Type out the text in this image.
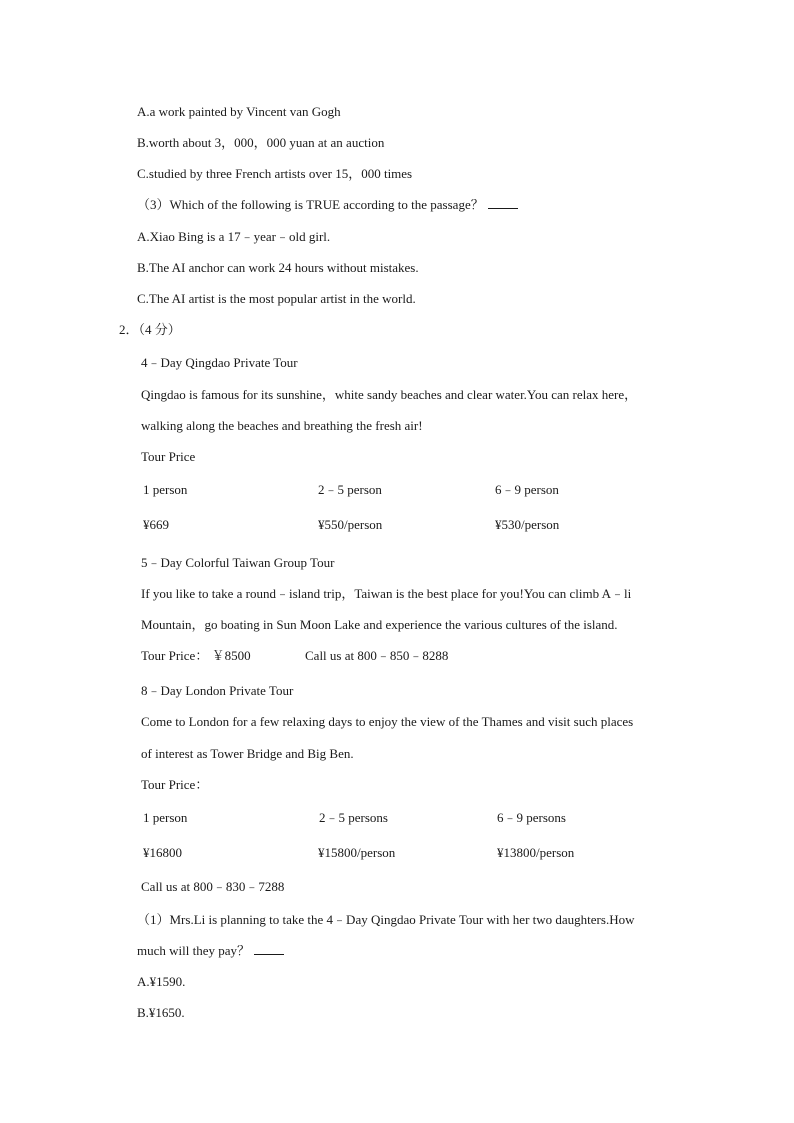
A.a work painted by Vincent van Gogh
B.worth about 3，000，000 yuan at an auction
C.studied by three French artists over 15，000 times
（3）Which of the following is TRUE according to the passage？
A.Xiao Bing is a 17﹣year﹣old girl.
B.The AI anchor can work 24 hours without mistakes.
C.The AI artist is the most popular artist in the world.
2．（4 分）
4﹣Day Qingdao Private Tour
Qingdao is famous for its sunshine，white sandy beaches and clear water.You can relax here，
walking along the beaches and breathing the fresh air!
Tour Price
1 person	2﹣5 person	6﹣9 person
¥669	¥550/person	¥530/person
5﹣Day Colorful Taiwan Group Tour
If you like to take a round﹣island trip，Taiwan is the best place for you!You can climb A﹣li
Mountain，go boating in Sun Moon Lake and experience the various cultures of the island.
Tour Price： ￥8500	Call us at 800﹣850﹣8288
8﹣Day London Private Tour
Come to London for a few relaxing days to enjoy the view of the Thames and visit such places
of interest as Tower Bridge and Big Ben.
Tour Price：
1 person	2﹣5 persons	6﹣9 persons
¥16800	¥15800/person	¥13800/person
Call us at 800﹣830﹣7288
（1）Mrs.Li is planning to take the 4﹣Day Qingdao Private Tour with her two daughters.How
much will they pay？
A.¥1590.
B.¥1650.
